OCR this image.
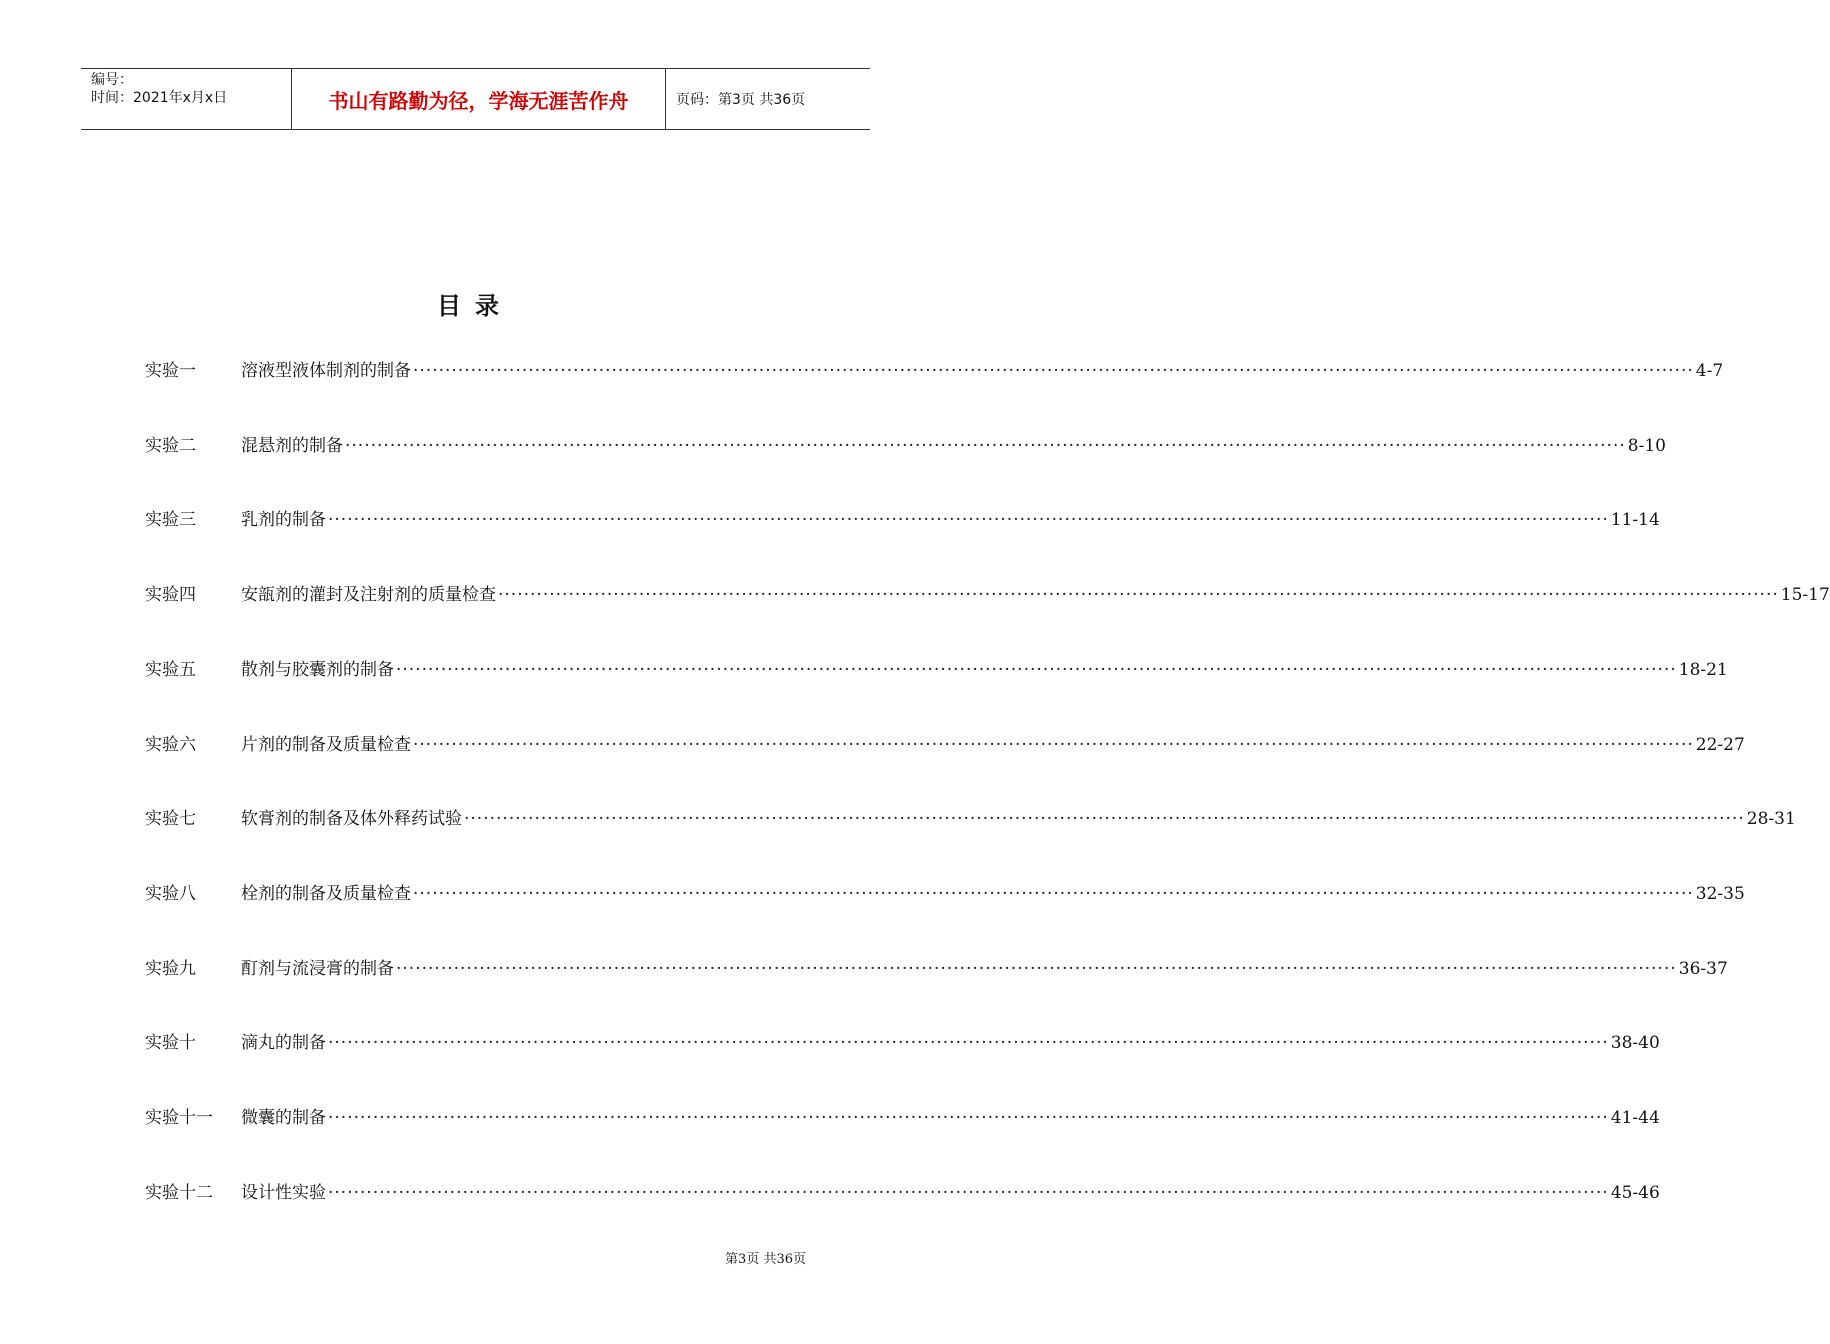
编号：
时间：2021年x月x日	书山有路勤为径，学海无涯苦作舟	页码：第3页 共36页
目录
实验一	溶液型液体制剂的制备 ········································································································································································································ 4-7
实验二	混悬剂的制备 ········································································································································································································ 8-10
实验三	乳剂的制备 ········································································································································································································ 11-14
实验四	安瓿剂的灌封及注射剂的质量检查 ········································································································································································································ 15-17
实验五	散剂与胶囊剂的制备 ········································································································································································································ 18-21
实验六	片剂的制备及质量检查 ········································································································································································································ 22-27
实验七	软膏剂的制备及体外释药试验 ········································································································································································································ 28-31
实验八	栓剂的制备及质量检查 ········································································································································································································ 32-35
实验九	酊剂与流浸膏的制备 ········································································································································································································ 36-37
实验十	滴丸的制备 ········································································································································································································ 38-40
实验十一	微囊的制备 ········································································································································································································ 41-44
实验十二	设计性实验 ········································································································································································································ 45-46
第3页 共36页
